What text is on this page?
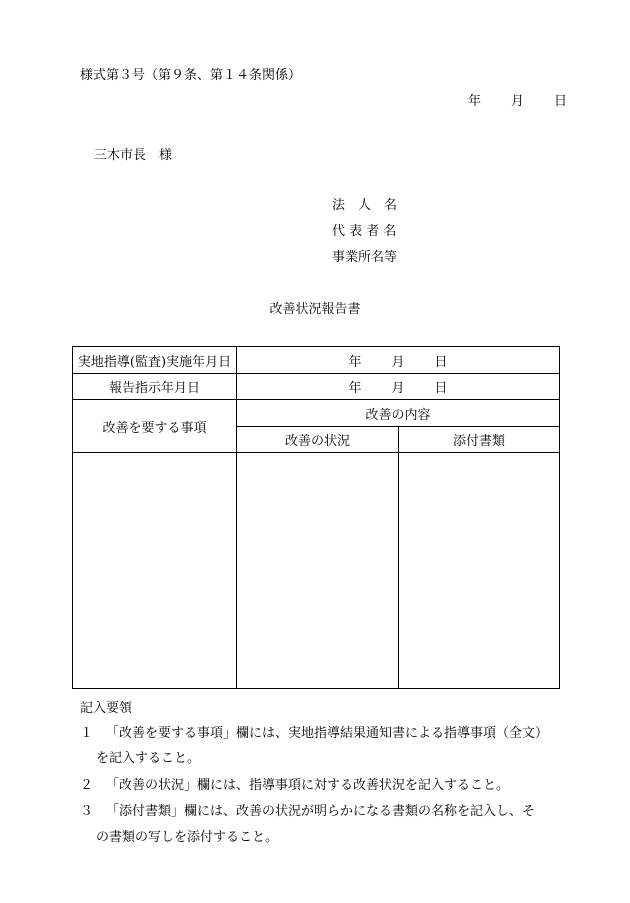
様式第３号（第９条、第１４条関係）
年 月 日
三木市長　様
法　人　名
代 表 者 名
事業所名等
改善状況報告書
実地指導(監査)実施年月日	年 月 日
報告指示年月日	年 月 日
改善を要する事項
改善の内容
改善の状況	添付書類
記入要領
１ 「改善を要する事項」欄には、実地指導結果通知書による指導事項（全文）
を記入すること。
２ 「改善の状況」欄には、指導事項に対する改善状況を記入すること。
３ 「添付書類」欄には、改善の状況が明らかになる書類の名称を記入し、そ
の書類の写しを添付すること。
